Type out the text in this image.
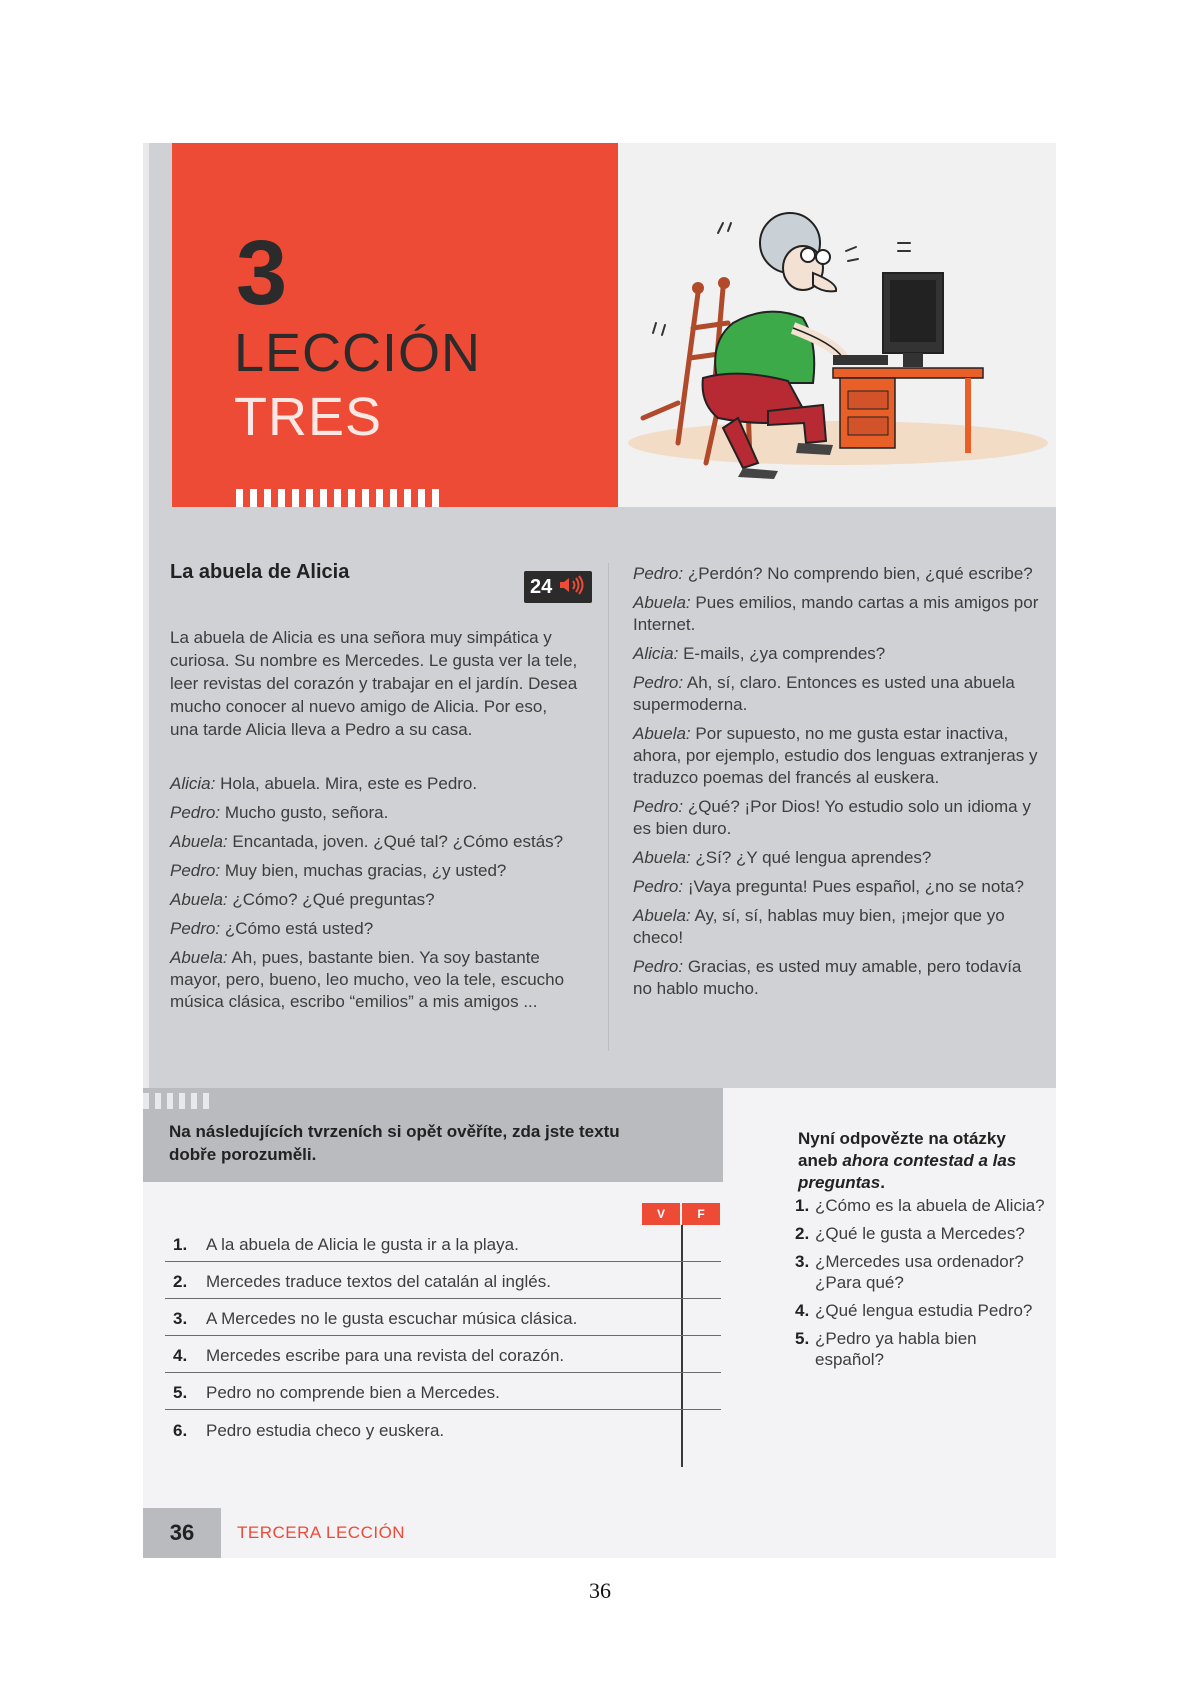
3
LECCIÓN
TRES
La abuela de Alicia
La abuela de Alicia es una señora muy simpática y curiosa. Su nombre es Mercedes. Le gusta ver la tele, leer revistas del corazón y trabajar en el jardín. Desea mucho conocer al nuevo amigo de Alicia. Por eso, una tarde Alicia lleva a Pedro a su casa.

Alicia: Hola, abuela. Mira, este es Pedro.

Pedro: Mucho gusto, señora.

Abuela: Encantada, joven. ¿Qué tal? ¿Cómo estás?

Pedro: Muy bien, muchas gracias, ¿y usted?

Abuela: ¿Cómo? ¿Qué preguntas?

Pedro: ¿Cómo está usted?

Abuela: Ah, pues, bastante bien. Ya soy bastante mayor, pero, bueno, leo mucho, veo la tele, escucho música clásica, escribo “emilios” a mis amigos ...

24

Pedro: ¿Perdón? No comprendo bien, ¿qué escribe?

Abuela: Pues emilios, mando cartas a mis amigos por Internet.

Alicia: E-mails, ¿ya comprendes?

Pedro: Ah, sí, claro. Entonces es usted una abuela supermoderna.

Abuela: Por supuesto, no me gusta estar inactiva, ahora, por ejemplo, estudio dos lenguas extranjeras y traduzco poemas del francés al euskera.

Pedro: ¿Qué? ¡Por Dios! Yo estudio solo un idioma y es bien duro.

Abuela: ¿Sí? ¿Y qué lengua aprendes?

Pedro: ¡Vaya pregunta! Pues español, ¿no se nota?

Abuela: Ay, sí, sí, hablas muy bien, ¡mejor que yo checo!

Pedro: Gracias, es usted muy amable, pero todavía no hablo mucho.

Na následujících tvrzeních si opět ověříte, zda jste textu dobře porozuměli.
V	F
1.	A la abuela de Alicia le gusta ir a la playa.
2.	Mercedes traduce textos del catalán al inglés.
3.	A Mercedes no le gusta escuchar música clásica.
4.	Mercedes escribe para una revista del corazón.
5.	Pedro no comprende bien a Mercedes.
6.	Pedro estudia checo y euskera.
Nyní odpovězte na otázky aneb ahora contestad a las preguntas.
1. ¿Cómo es la abuela de Alicia?
2. ¿Qué le gusta a Mercedes?
3. ¿Mercedes usa ordenador? ¿Para qué?
4. ¿Qué lengua estudia Pedro?
5. ¿Pedro ya habla bien español?
36	TERCERA LECCIÓN
36
